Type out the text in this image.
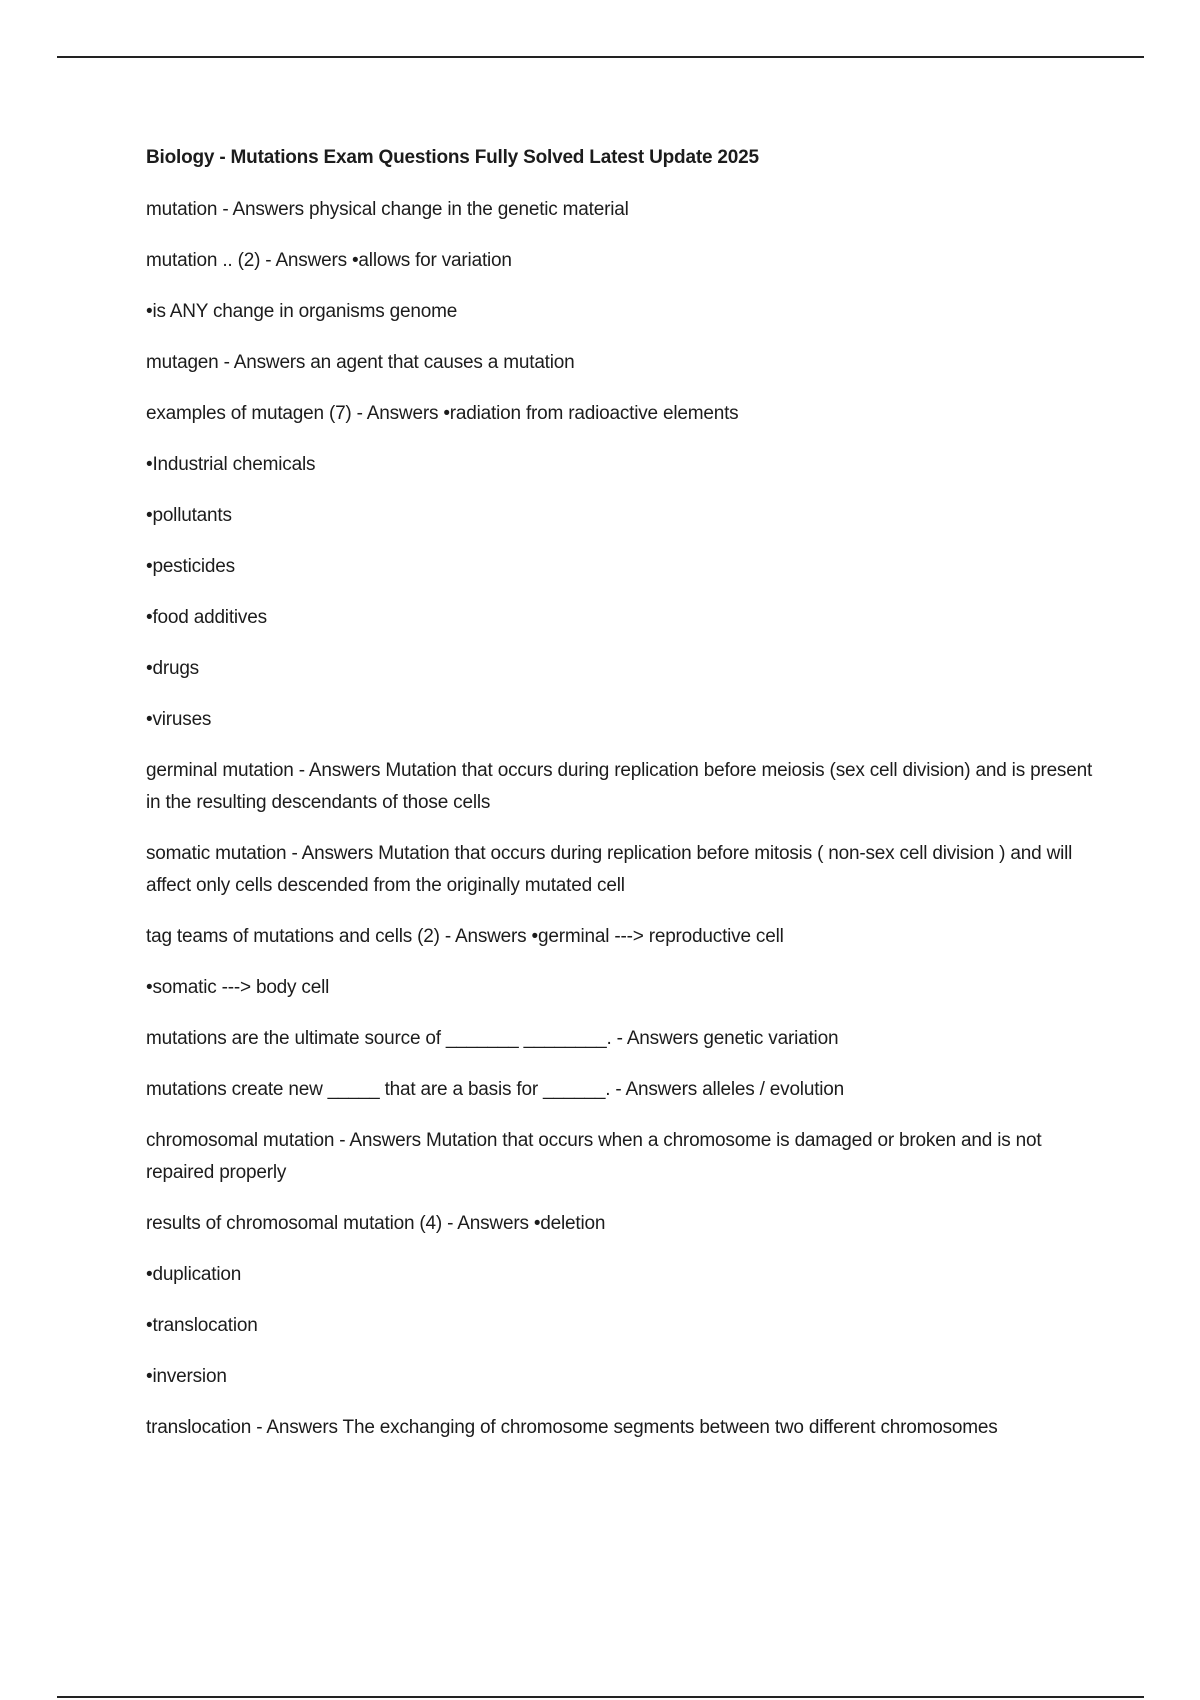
Biology - Mutations Exam Questions Fully Solved Latest Update 2025
mutation - Answers physical change in the genetic material
mutation .. (2) - Answers •allows for variation
•is ANY change in organisms genome
mutagen - Answers an agent that causes a mutation
examples of mutagen (7) - Answers •radiation from radioactive elements
•Industrial chemicals
•pollutants
•pesticides
•food additives
•drugs
•viruses
germinal mutation - Answers Mutation that occurs during replication before meiosis (sex cell division) and is present in the resulting descendants of those cells
somatic mutation - Answers Mutation that occurs during replication before mitosis ( non-sex cell division ) and will affect only cells descended from the originally mutated cell
tag teams of mutations and cells (2) - Answers •germinal ---> reproductive cell
•somatic ---> body cell
mutations are the ultimate source of _______ ________. - Answers genetic variation
mutations create new _____ that are a basis for ______. - Answers alleles / evolution
chromosomal mutation - Answers Mutation that occurs when a chromosome is damaged or broken and is not repaired properly
results of chromosomal mutation (4) - Answers •deletion
•duplication
•translocation
•inversion
translocation - Answers The exchanging of chromosome segments between two different chromosomes
